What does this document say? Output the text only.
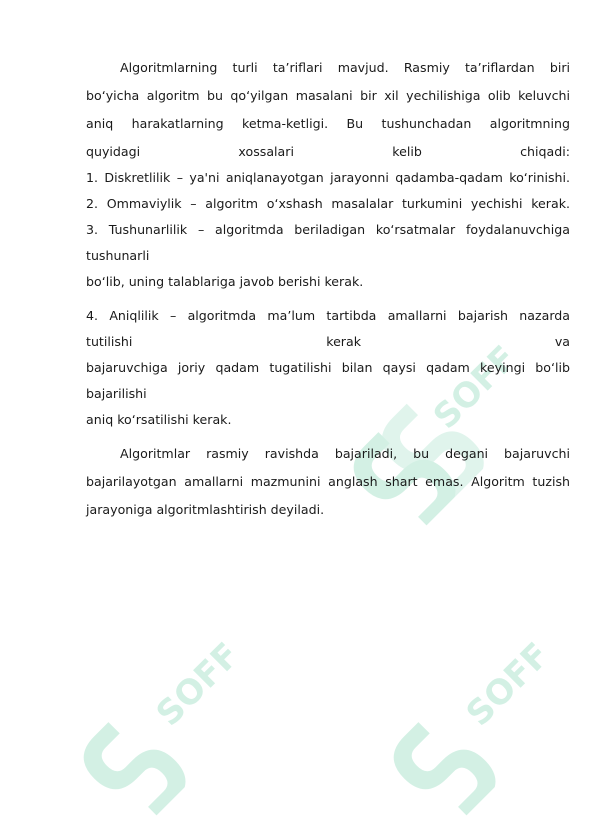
SOFF
SOFF	SOFF
Algoritmlarning turli ta’riflari mavjud. Rasmiy ta’riflardan biri
bo‘yicha algoritm bu qo‘yilgan masalani bir xil yechilishiga olib keluvchi
aniq harakatlarning ketma-ketligi. Bu tushunchadan algoritmning
quyidagi xossalari kelib chiqadi:
1. Diskretlilik – ya'ni aniqlanayotgan jarayonni qadamba-qadam ko‘rinishi.
2. Ommaviylik – algoritm o‘xshash masalalar turkumini yechishi kerak.
3. Tushunarlilik – algoritmda beriladigan ko‘rsatmalar foydalanuvchiga
tushunarli
bo‘lib, uning talablariga javob berishi kerak.
4. Aniqlilik – algoritmda ma’lum tartibda amallarni bajarish nazarda
tutilishi kerak va
bajaruvchiga joriy qadam tugatilishi bilan qaysi qadam keyingi bo‘lib
bajarilishi
aniq ko‘rsatilishi kerak.
Algoritmlar rasmiy ravishda bajariladi, bu degani bajaruvchi
bajarilayotgan amallarni mazmunini anglash shart emas. Algoritm tuzish
jarayoniga algoritmlashtirish deyiladi.
